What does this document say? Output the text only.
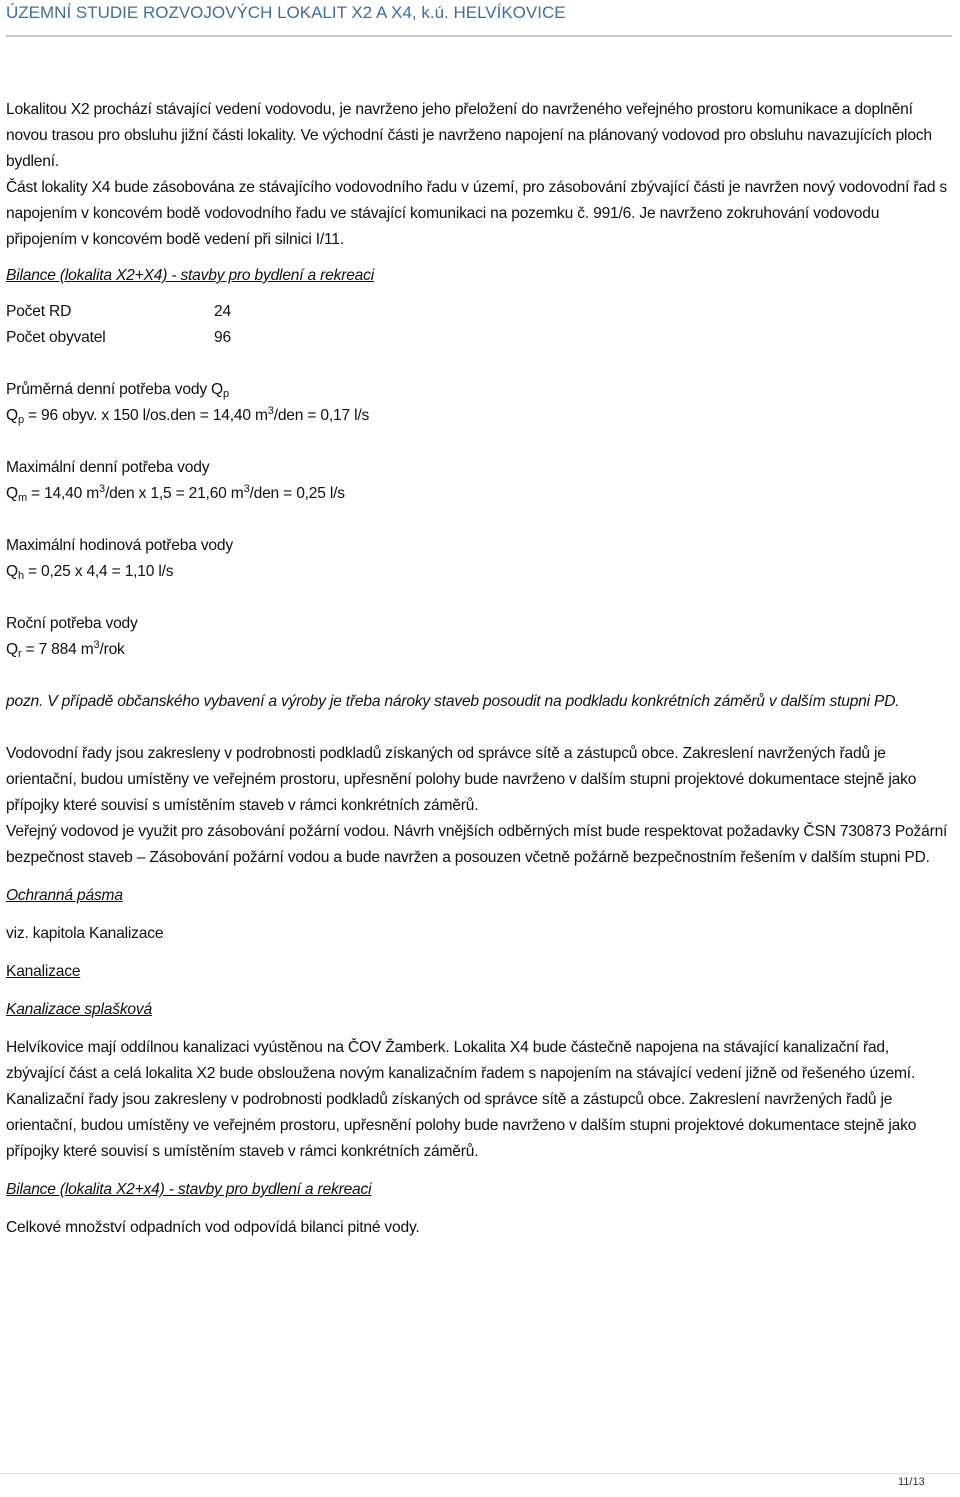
ÚZEMNÍ STUDIE ROZVOJOVÝCH LOKALIT X2 A X4, k.ú. HELVÍKOVICE

Lokalitou X2 prochází stávající vedení vodovodu, je navrženo jeho přeložení do navrženého veřejného prostoru komunikace a doplnění novou trasou pro obsluhu jižní části lokality. Ve východní části je navrženo napojení na plánovaný vodovod pro obsluhu navazujících ploch bydlení.

Část lokality X4 bude zásobována ze stávajícího vodovodního řadu v území, pro zásobování zbývající části je navržen nový vodovodní řad s napojením v koncovém bodě vodovodního řadu ve stávající komunikaci na pozemku č. 991/6. Je navrženo zokruhování vodovodu připojením v koncovém bodě vedení při silnici I/11.

Bilance (lokalita X2+X4) - stavby pro bydlení a rekreaci

Počet RD	24
Počet obyvatel	96

Průměrná denní potřeba vody $Q_p$

$Q_p = 96$ obyv. x 150 l/os.den = 14,40 $m^3$/den = 0,17 l/s

Maximální denní potřeba vody

$Q_m = 14,40$ $m^3$/den x 1,5 = 21,60 $m^3$/den = 0,25 l/s

Maximální hodinová potřeba vody

$Q_h = 0,25$ x 4,4 = 1,10 l/s

Roční potřeba vody

$Q_r = 7$ 884 $m^3$/rok

pozn. V případě občanského vybavení a výroby je třeba nároky staveb posoudit na podkladu konkrétních záměrů v dalším stupni PD.

Vodovodní řady jsou zakresleny v podrobnosti podkladů získaných od správce sítě a zástupců obce. Zakreslení navržených řadů je orientační, budou umístěny ve veřejném prostoru, upřesnění polohy bude navrženo v dalším stupni projektové dokumentace stejně jako přípojky které souvisí s umístěním staveb v rámci konkrétních záměrů.

Veřejný vodovod je využit pro zásobování požární vodou. Návrh vnějších odběrných míst bude respektovat požadavky ČSN 730873 Požární bezpečnost staveb – Zásobování požární vodou a bude navržen a posouzen včetně požárně bezpečnostním řešením v dalším stupni PD.

Ochranná pásma

viz. kapitola Kanalizace

Kanalizace

Kanalizace splašková

Helvíkovice mají oddílnou kanalizaci vyústěnou na ČOV Žamberk. Lokalita X4 bude částečně napojena na stávající kanalizační řad, zbývající část a celá lokalita X2 bude obsloužena novým kanalizačním řadem s napojením na stávající vedení jižně od řešeného území.

Kanalizační řady jsou zakresleny v podrobnosti podkladů získaných od správce sítě a zástupců obce. Zakreslení navržených řadů je orientační, budou umístěny ve veřejném prostoru, upřesnění polohy bude navrženo v dalším stupni projektové dokumentace stejně jako přípojky které souvisí s umístěním staveb v rámci konkrétních záměrů.

Bilance (lokalita X2+x4) - stavby pro bydlení a rekreaci

Celkové množství odpadních vod odpovídá bilanci pitné vody.

11/13
